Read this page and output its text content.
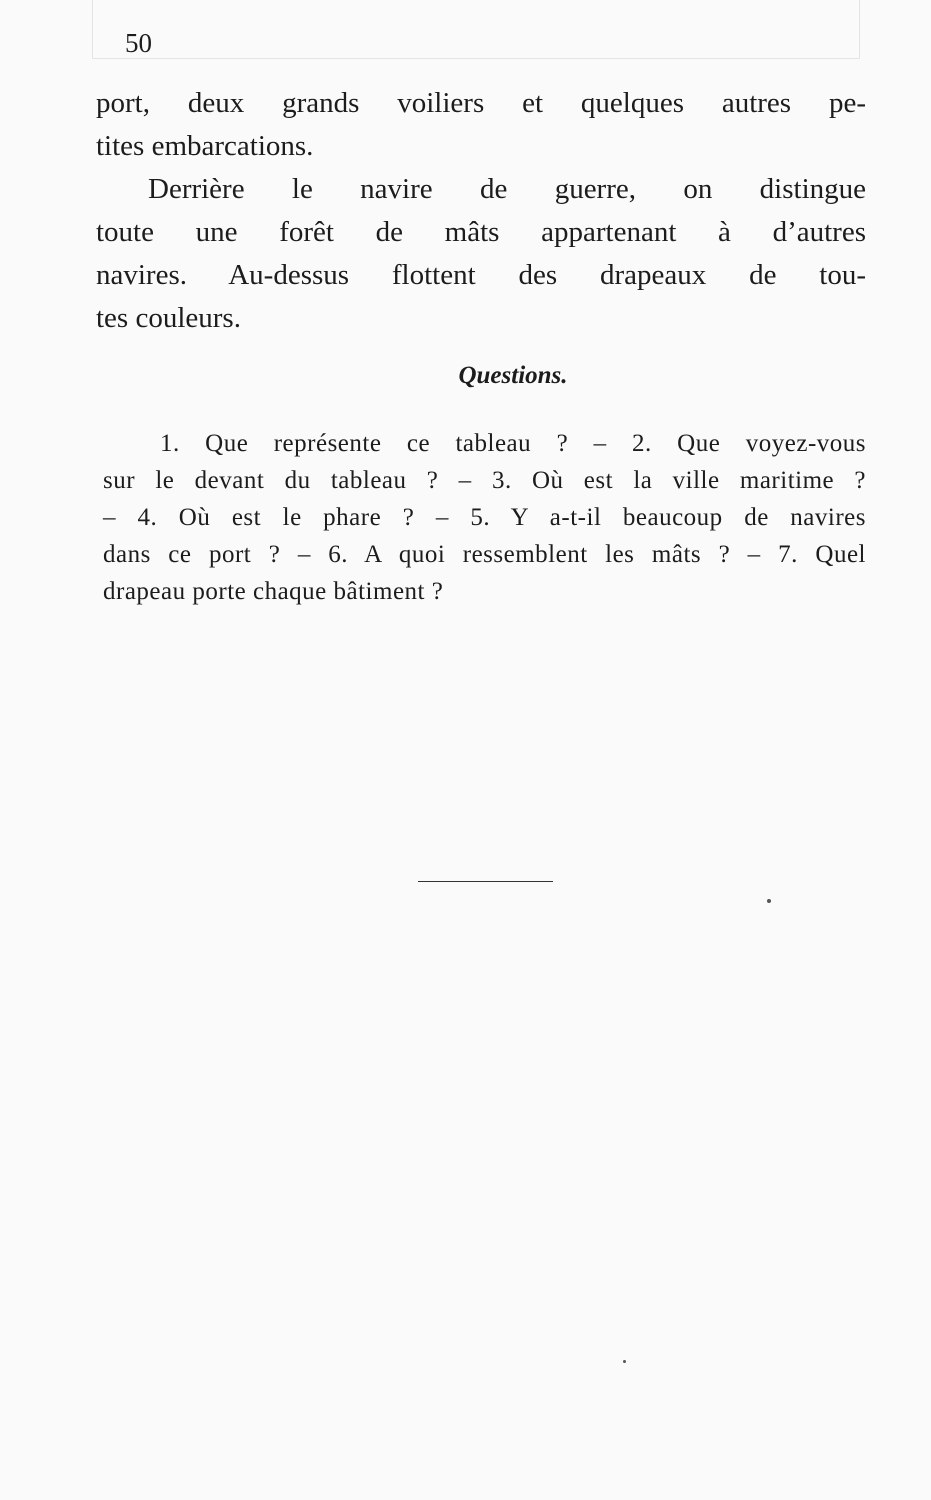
50

port, deux grands voiliers et quelques autres pe-
tites embarcations.

Derrière le navire de guerre, on distingue
toute une forêt de mâts appartenant à d’autres
navires. Au-dessus flottent des drapeaux de tou-
tes couleurs.

Questions.
1. Que représente ce tableau ? – 2. Que voyez-vous
sur le devant du tableau ? – 3. Où est la ville maritime ?
– 4. Où est le phare ? – 5. Y a-t-il beaucoup de navires
dans ce port ? – 6. A quoi ressemblent les mâts ? – 7. Quel
drapeau porte chaque bâtiment ?
